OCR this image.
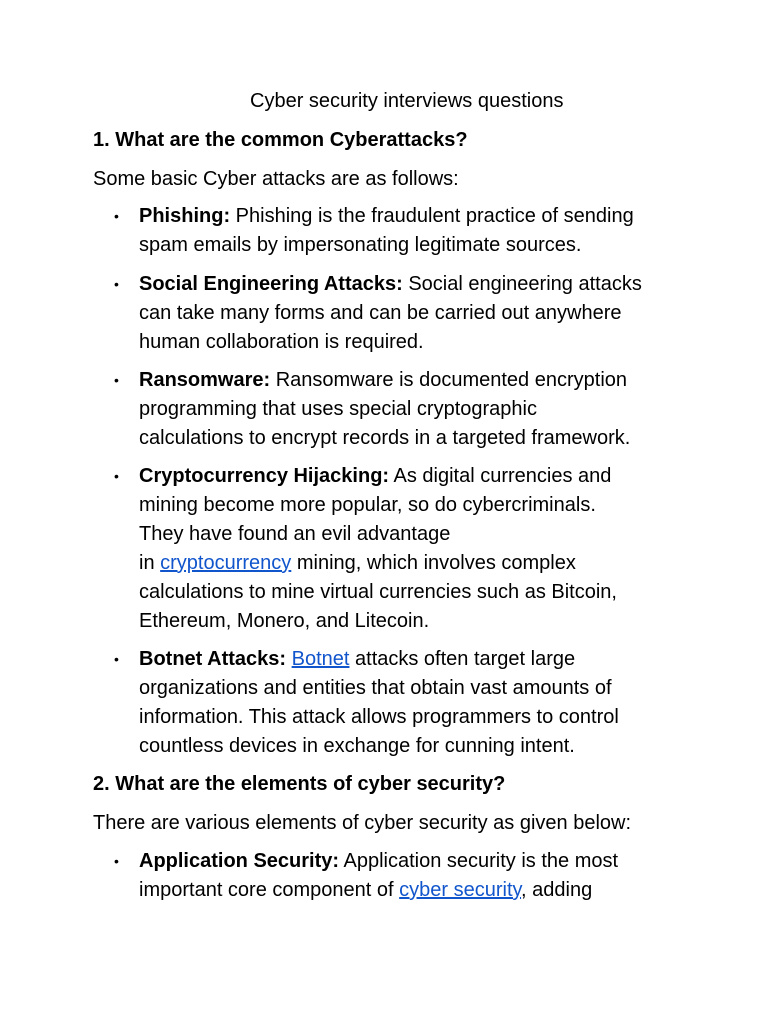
Cyber security interviews questions
1. What are the common Cyberattacks?
Some basic Cyber attacks are as follows:
• Phishing: Phishing is the fraudulent practice of sending
spam emails by impersonating legitimate sources.
• Social Engineering Attacks: Social engineering attacks
can take many forms and can be carried out anywhere
human collaboration is required.
• Ransomware: Ransomware is documented encryption
programming that uses special cryptographic
calculations to encrypt records in a targeted framework.
• Cryptocurrency Hijacking: As digital currencies and
mining become more popular, so do cybercriminals.
They have found an evil advantage
in cryptocurrency mining, which involves complex
calculations to mine virtual currencies such as Bitcoin,
Ethereum, Monero, and Litecoin.
• Botnet Attacks: Botnet attacks often target large
organizations and entities that obtain vast amounts of
information. This attack allows programmers to control
countless devices in exchange for cunning intent.
2. What are the elements of cyber security?
There are various elements of cyber security as given below:
• Application Security: Application security is the most
important core component of cyber security, adding
